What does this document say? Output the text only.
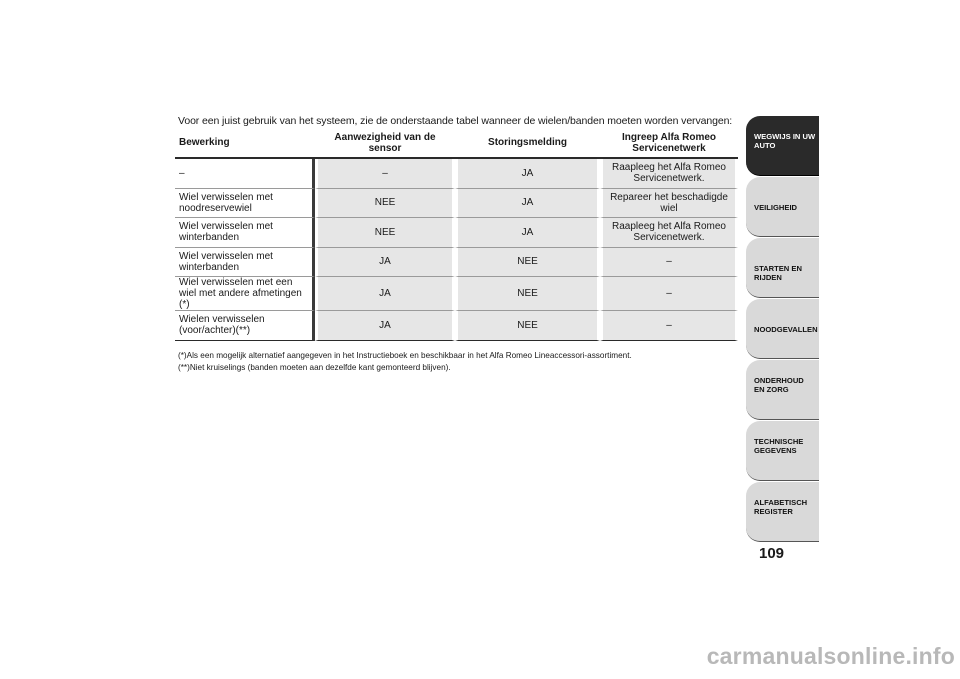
Voor een juist gebruik van het systeem, zie de onderstaande tabel wanneer de wielen/banden moeten worden vervangen:
Bewerking	Aanwezigheid van de sensor	Storingsmelding	Ingreep Alfa Romeo Servicenetwerk
–	–	JA	Raapleeg het Alfa Romeo Servicenetwerk.
Wiel verwisselen met noodreservewiel	NEE	JA	Repareer het beschadigde wiel
Wiel verwisselen met winterbanden	NEE	JA	Raapleeg het Alfa Romeo Servicenetwerk.
Wiel verwisselen met winterbanden	JA	NEE	–
Wiel verwisselen met een wiel met andere afmetingen (*)	JA	NEE	–
Wielen verwisselen (voor/achter)(**)	JA	NEE	–
(*)Als een mogelijk alternatief aangegeven in het Instructieboek en beschikbaar in het Alfa Romeo Lineaccessori-assortiment.
(**)Niet kruiselings (banden moeten aan dezelfde kant gemonteerd blijven).
WEGWIJS IN UW AUTO
VEILIGHEID
STARTEN EN RIJDEN
NOODGEVALLEN
ONDERHOUD EN ZORG
TECHNISCHE GEGEVENS
ALFABETISCH REGISTER
109
carmanualsonline.info
